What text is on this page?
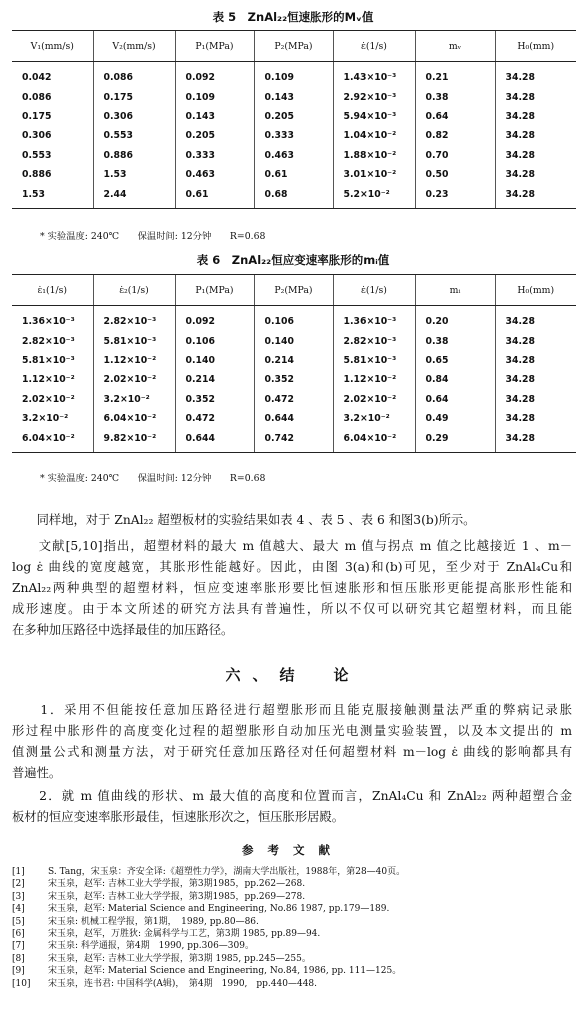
表 5　ZnAl₂₂恒速胀形的Mᵥ值
V₁(mm/s)	V₂(mm/s)	P₁(MPa)	P₂(MPa)	ε̇(1/s)	mᵥ	H₀(mm)
0.042	0.086	0.092	0.109	1.43×10⁻³	0.21	34.28
0.086	0.175	0.109	0.143	2.92×10⁻³	0.38	34.28
0.175	0.306	0.143	0.205	5.94×10⁻³	0.64	34.28
0.306	0.553	0.205	0.333	1.04×10⁻²	0.82	34.28
0.553	0.886	0.333	0.463	1.88×10⁻²	0.70	34.28
0.886	1.53	0.463	0.61	3.01×10⁻²	0.50	34.28
1.53	2.44	0.61	0.68	5.2×10⁻²	0.23	34.28
* 实验温度: 240℃　　保温时间: 12分钟　　R=0.68
表 6　ZnAl₂₂恒应变速率胀形的mᵢ值
ε̇₁(1/s)	ε̇₂(1/s)	P₁(MPa)	P₂(MPa)	ε̇(1/s)	mᵢ	H₀(mm)
1.36×10⁻³	2.82×10⁻³	0.092	0.106	1.36×10⁻³	0.20	34.28
2.82×10⁻³	5.81×10⁻³	0.106	0.140	2.82×10⁻³	0.38	34.28
5.81×10⁻³	1.12×10⁻²	0.140	0.214	5.81×10⁻³	0.65	34.28
1.12×10⁻²	2.02×10⁻²	0.214	0.352	1.12×10⁻²	0.84	34.28
2.02×10⁻²	3.2×10⁻²	0.352	0.472	2.02×10⁻²	0.64	34.28
3.2×10⁻²	6.04×10⁻²	0.472	0.644	3.2×10⁻²	0.49	34.28
6.04×10⁻²	9.82×10⁻²	0.644	0.742	6.04×10⁻²	0.29	34.28
* 实验温度: 240℃　　保温时间: 12分钟　　R=0.68
　　同样地，对于 ZnAl₂₂ 超塑板材的实验结果如表 4 、表 5 、表 6 和图3(b)所示。
　　文献[5,10]指出，超塑材料的最大 m 值越大、最大 m 值与拐点 m 值之比越接近 1 、m－
log ε̇ 曲线的宽度越宽，其胀形性能越好。因此，由图 3(a)和(b)可见，至少对于 ZnAl₄Cu和
ZnAl₂₂两种典型的超塑材料，恒应变速率胀形要比恒速胀形和恒压胀形更能提高胀形性能和
成形速度。由于本文所述的研究方法具有普遍性，所以不仅可以研究其它超塑材料，而且能
在多种加压路径中选择最佳的加压路径。
六、结　论
　　1．采用不但能按任意加压路径进行超塑胀形而且能克服接触测量法严重的弊病记录胀
形过程中胀形件的高度变化过程的超塑胀形自动加压光电测量实验装置，以及本文提出的 m
值测量公式和测量方法，对于研究任意加压路径对任何超塑材料 m－log ε̇ 曲线的影响都具有
普遍性。
　　2．就 m 值曲线的形状、m 最大值的高度和位置而言，ZnAl₄Cu 和 ZnAl₂₂ 两种超塑合金
板材的恒应变速率胀形最佳，恒速胀形次之，恒压胀形居殿。
参考文献
[1]	S. Tang，宋玉泉：齐安全译:《超塑性力学》，湖南大学出版社，1988年，第28—40页。
[2]	宋玉泉，赵军: 吉林工业大学学报，第3期1985，pp.262—268.
[3]	宋玉泉，赵军: 吉林工业大学学报，第3期1985，pp.269—278.
[4]	宋玉泉，赵军: Material Science and Engineering, No.86 1987, pp.179—189.
[5]	宋玉泉: 机械工程学报，第1期，　1989, pp.80—86.
[6]	宋玉泉，赵军，万胜狄: 金属科学与工艺，第3期 1985, pp.89—94.
[7]	宋玉泉: 科学通报，第4期　1990, pp.306—309。
[8]	宋玉泉，赵军: 吉林工业大学学报，第3期 1985, pp.245—255。
[9]	宋玉泉，赵军: Material Science and Engineering, No.84, 1986, pp. 111—125。
[10] 宋玉泉，连书君: 中国科学(A辑)，　第4期　1990,　pp.440—448.
